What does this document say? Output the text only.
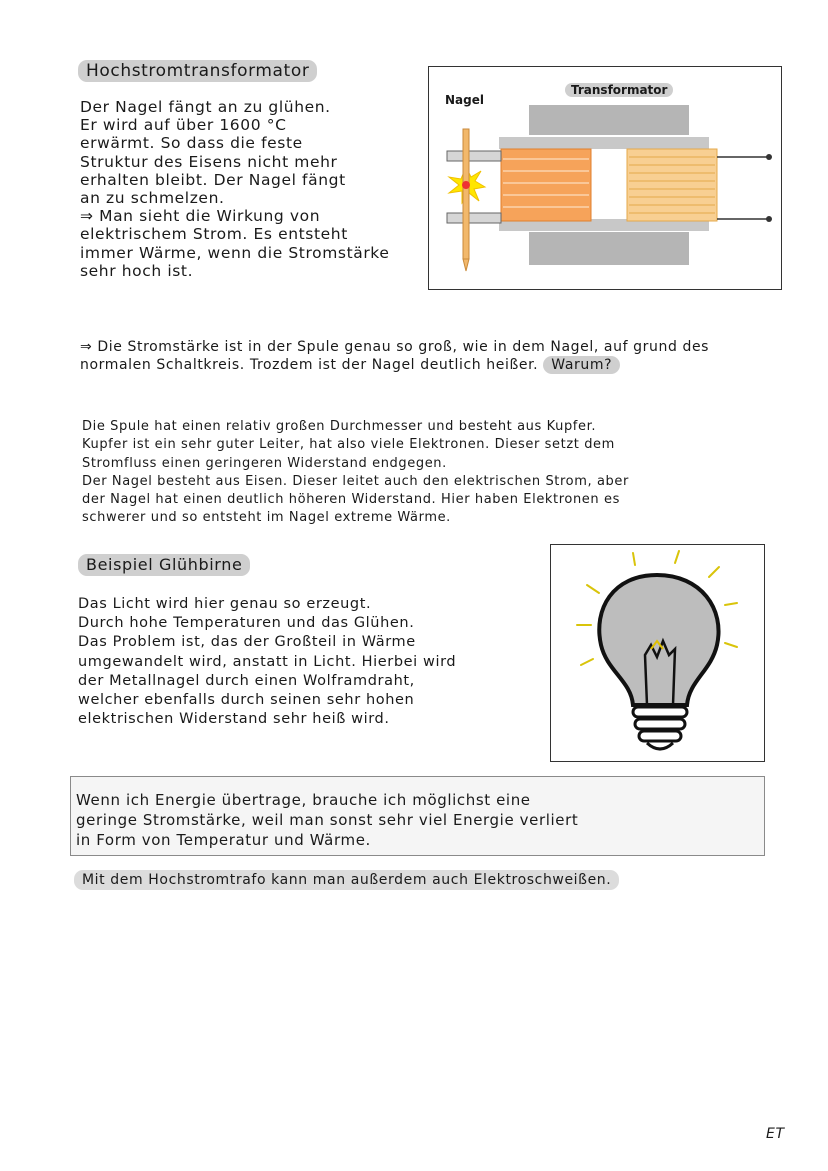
Hochstromtransformator
Der Nagel fängt an zu glühen.
Er wird auf über 1600 °C
erwärmt. So dass die feste
Struktur des Eisens nicht mehr
erhalten bleibt. Der Nagel fängt
an zu schmelzen.
⇒ Man sieht die Wirkung von
elektrischem Strom. Es entsteht
immer Wärme, wenn die Stromstärke
sehr hoch ist.
Nagel
Transformator
⇒ Die Stromstärke ist in der Spule genau so groß, wie in dem Nagel, auf grund des normalen Schaltkreis. Trozdem ist der Nagel deutlich heißer. Warum?
Die Spule hat einen relativ großen Durchmesser und besteht aus Kupfer.
Kupfer ist ein sehr guter Leiter, hat also viele Elektronen. Dieser setzt dem
Stromfluss einen geringeren Widerstand endgegen.
Der Nagel besteht aus Eisen. Dieser leitet auch den elektrischen Strom, aber
der Nagel hat einen deutlich höheren Widerstand. Hier haben Elektronen es
schwerer und so entsteht im Nagel extreme Wärme.
Beispiel Glühbirne
Das Licht wird hier genau so erzeugt.
Durch hohe Temperaturen und das Glühen.
Das Problem ist, das der Großteil in Wärme
umgewandelt wird, anstatt in Licht. Hierbei wird
der Metallnagel durch einen Wolframdraht,
welcher ebenfalls durch seinen sehr hohen
elektrischen Widerstand sehr heiß wird.
Wenn ich Energie übertrage, brauche ich möglichst eine
geringe Stromstärke, weil man sonst sehr viel Energie verliert
in Form von Temperatur und Wärme.
Mit dem Hochstromtrafo kann man außerdem auch Elektroschweißen.
ET
